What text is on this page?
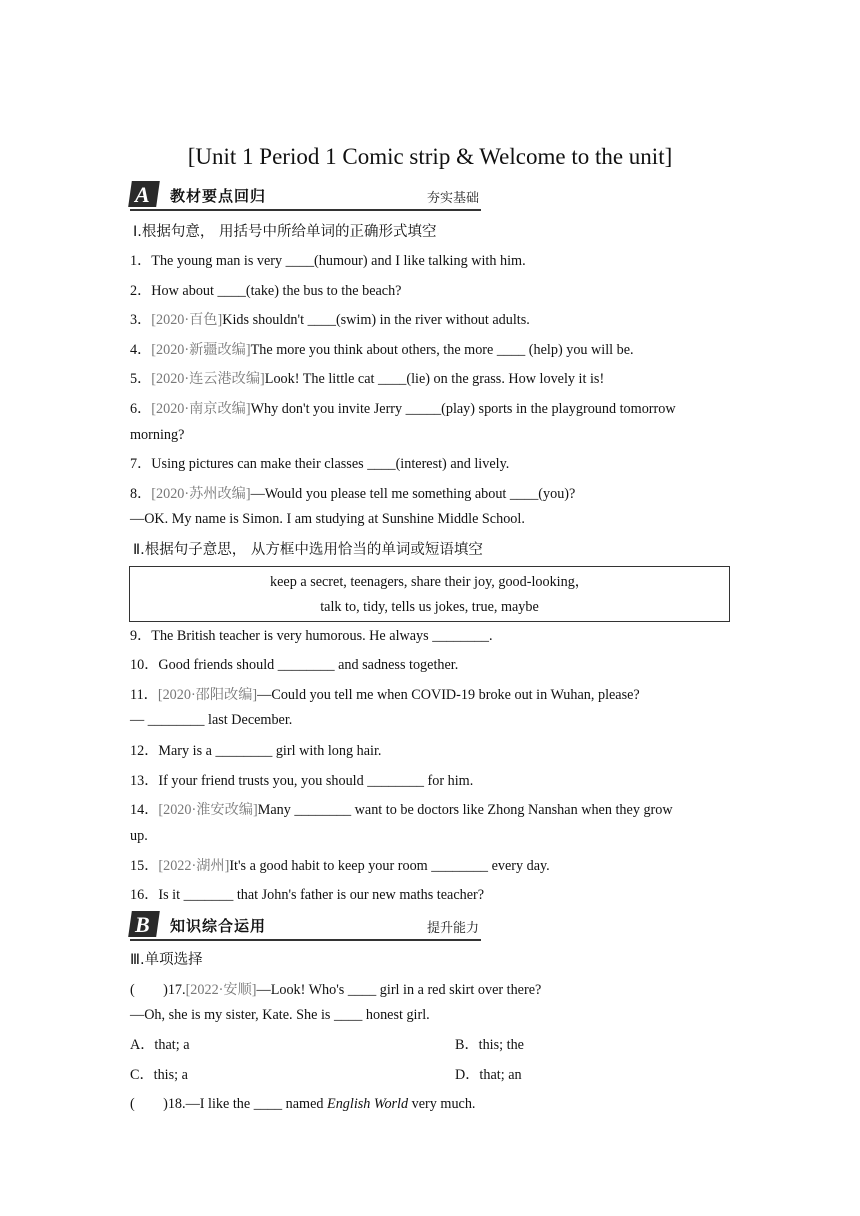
[Unit 1 Period 1 Comic strip & Welcome to the unit]
A 教材要点回归	夯实基础
Ⅰ.根据句意， 用括号中所给单词的正确形式填空
1．The young man is very ____(humour) and I like talking with him.
2．How about ____(take) the bus to the beach?
3．[2020·百色]Kids shouldn't ____(swim) in the river without adults.
4．[2020·新疆改编]The more you think about others, the more ____ (help) you will be.
5．[2020·连云港改编]Look! The little cat ____(lie) on the grass. How lovely it is!
6．[2020·南京改编]Why don't you invite Jerry _____(play) sports in the playground tomorrow
morning?
7．Using pictures can make their classes ____(interest) and lively.
8．[2020·苏州改编]—Would you please tell me something about ____(you)?
—OK. My name is Simon. I am studying at Sunshine Middle School.
Ⅱ.根据句子意思， 从方框中选用恰当的单词或短语填空
keep a secret, teenagers, share their joy, good-looking，
talk to, tidy, tells us jokes, true, maybe
9．The British teacher is very humorous. He always ________.
10．Good friends should ________ and sadness together.
11．[2020·邵阳改编]—Could you tell me when COVID-19 broke out in Wuhan, please?
— ________ last December.
12．Mary is a ________ girl with long hair.
13．If your friend trusts you, you should ________ for him.
14．[2020·淮安改编]Many ________ want to be doctors like Zhong Nanshan when they grow
up.
15．[2022·湖州]It's a good habit to keep your room ________ every day.
16．Is it _______ that John's father is our new maths teacher?
B 知识综合运用	提升能力
Ⅲ.单项选择
(　　)17.[2022·安顺]—Look! Who's ____ girl in a red skirt over there?
—Oh, she is my sister, Kate. She is ____ honest girl.
A．that; a	B．this; the
C．this; a	D．that; an
(　　)18.—I like the ____ named English World very much.
